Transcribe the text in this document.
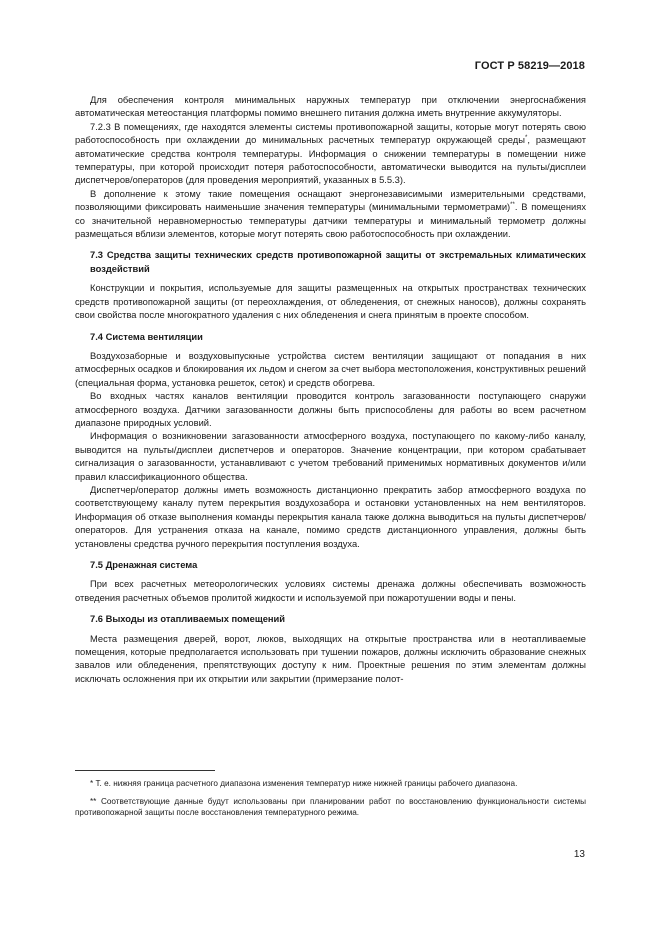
ГОСТ Р 58219—2018

Для обеспечения контроля минимальных наружных температур при отключении энергоснабжения автоматическая метеостанция платформы помимо внешнего питания должна иметь внутренние аккумуляторы.

7.2.3 В помещениях, где находятся элементы системы противопожарной защиты, которые могут потерять свою работоспособность при охлаждении до минимальных расчетных температур окружающей среды*, размещают автоматические средства контроля температуры. Информация о снижении температуры в помещении ниже температуры, при которой происходит потеря работоспособности, автоматически выводится на пульты/дисплеи диспетчеров/операторов (для проведения мероприятий, указанных в 5.5.3).

В дополнение к этому такие помещения оснащают энергонезависимыми измерительными средствами, позволяющими фиксировать наименьшие значения температуры (минимальными термометрами)**. В помещениях со значительной неравномерностью температуры датчики температуры и минимальный термометр должны размещаться вблизи элементов, которые могут потерять свою работоспособность при охлаждении.

7.3 Средства защиты технических средств противопожарной защиты от экстремальных климатических воздействий

Конструкции и покрытия, используемые для защиты размещенных на открытых пространствах технических средств противопожарной защиты (от переохлаждения, от обледенения, от снежных наносов), должны сохранять свои свойства после многократного удаления с них обледенения и снега принятым в проекте способом.

7.4 Система вентиляции

Воздухозаборные и воздуховыпускные устройства систем вентиляции защищают от попадания в них атмосферных осадков и блокирования их льдом и снегом за счет выбора местоположения, конструктивных решений (специальная форма, установка решеток, сеток) и средств обогрева.

Во входных частях каналов вентиляции проводится контроль загазованности поступающего снаружи атмосферного воздуха. Датчики загазованности должны быть приспособлены для работы во всем расчетном диапазоне природных условий.

Информация о возникновении загазованности атмосферного воздуха, поступающего по какому-либо каналу, выводится на пульты/дисплеи диспетчеров и операторов. Значение концентрации, при котором срабатывает сигнализация о загазованности, устанавливают с учетом требований применимых нормативных документов и/или правил классификационного общества.

Диспетчер/оператор должны иметь возможность дистанционно прекратить забор атмосферного воздуха по соответствующему каналу путем перекрытия воздухозабора и остановки установленных на нем вентиляторов. Информация об отказе выполнения команды перекрытия канала также должна выводиться на пульты диспетчеров/операторов. Для устранения отказа на канале, помимо средств дистанционного управления, должны быть установлены средства ручного перекрытия поступления воздуха.

7.5 Дренажная система

При всех расчетных метеорологических условиях системы дренажа должны обеспечивать возможность отведения расчетных объемов пролитой жидкости и используемой при пожаротушении воды и пены.

7.6 Выходы из отапливаемых помещений

Места размещения дверей, ворот, люков, выходящих на открытые пространства или в неотапливаемые помещения, которые предполагается использовать при тушении пожаров, должны исключить образование снежных завалов или обледенения, препятствующих доступу к ним. Проектные решения по этим элементам должны исключать осложнения при их открытии или закрытии (примерзание полот-

* Т. е. нижняя граница расчетного диапазона изменения температур ниже нижней границы рабочего диапазона.

** Соответствующие данные будут использованы при планировании работ по восстановлению функциональности системы противопожарной защиты после восстановления температурного режима.

13
